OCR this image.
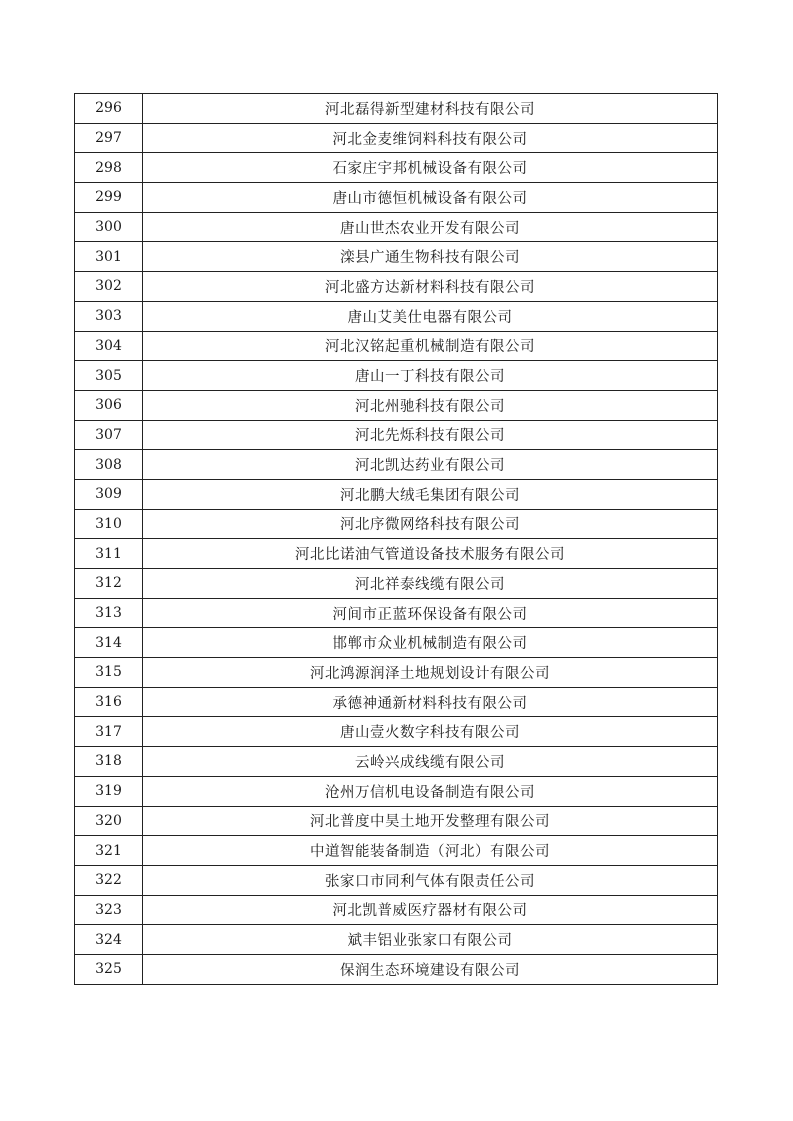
296	河北磊得新型建材科技有限公司
297	河北金麦维饲料科技有限公司
298	石家庄宇邦机械设备有限公司
299	唐山市德恒机械设备有限公司
300	唐山世杰农业开发有限公司
301	滦县广通生物科技有限公司
302	河北盛方达新材料科技有限公司
303	唐山艾美仕电器有限公司
304	河北汉铭起重机械制造有限公司
305	唐山一丁科技有限公司
306	河北州驰科技有限公司
307	河北先烁科技有限公司
308	河北凯达药业有限公司
309	河北鹏大绒毛集团有限公司
310	河北序微网络科技有限公司
311	河北比诺油气管道设备技术服务有限公司
312	河北祥泰线缆有限公司
313	河间市正蓝环保设备有限公司
314	邯郸市众业机械制造有限公司
315	河北鸿源润泽土地规划设计有限公司
316	承德神通新材料科技有限公司
317	唐山壹火数字科技有限公司
318	云岭兴成线缆有限公司
319	沧州万信机电设备制造有限公司
320	河北普度中昊土地开发整理有限公司
321	中道智能装备制造（河北）有限公司
322	张家口市同利气体有限责任公司
323	河北凯普威医疗器材有限公司
324	斌丰铝业张家口有限公司
325	保润生态环境建设有限公司
